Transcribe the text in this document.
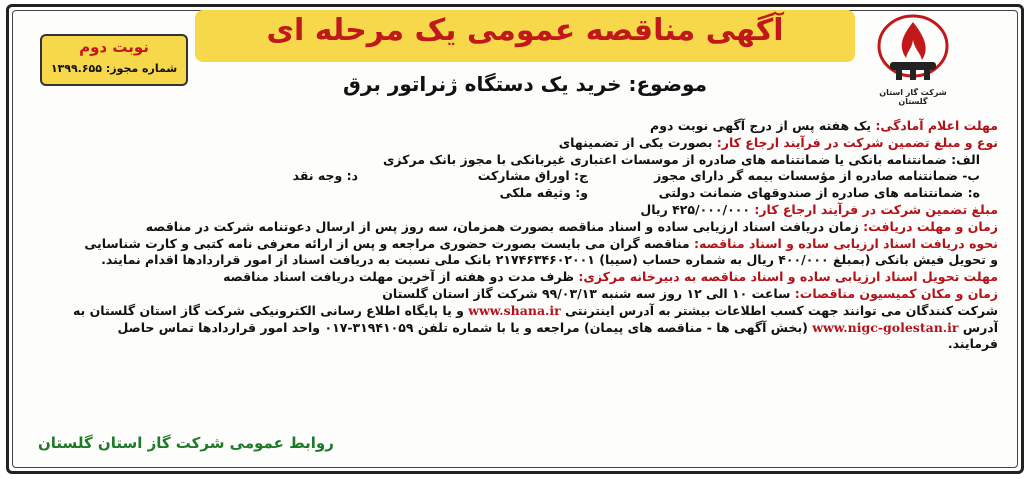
شرکت گاز استان گلستان
آگهی مناقصه عمومی یک مرحله ای
موضوع: خرید یک دستگاه ژنراتور برق
نوبت دوم
شماره مجوز: ۱۳۹۹.۶۵۵
مهلت اعلام آمادگی: یک هفته پس از درج آگهی نوبت دوم
نوع و مبلغ تضمین شرکت در فرآیند ارجاع کار: بصورت یکی از تضمینهای
الف: ضمانتنامه بانکی یا ضمانتنامه های صادره از موسسات اعتباری غیربانکی با مجوز بانک مرکزی
ب- ضمانتنامه صادره از مؤسسات بیمه گر دارای مجوز
ج: اوراق مشارکت
د: وجه نقد
ه: ضمانتنامه های صادره از صندوقهای ضمانت دولتی
و: وثیقه ملکی
مبلغ تضمین شرکت در فرآیند ارجاع کار: ۴۲۵/۰۰۰/۰۰۰ ریال
زمان و مهلت دریافت: زمان دریافت اسناد ارزیابی ساده و اسناد مناقصه بصورت همزمان، سه روز پس از ارسال دعوتنامه شرکت در مناقصه
نحوه دریافت اسناد ارزیابی ساده و اسناد مناقصه: مناقصه گران می بایست بصورت حضوری مراجعه و پس از ارائه معرفی نامه کتبی و کارت شناسایی
و تحویل فیش بانکی (بمبلغ ۴۰۰/۰۰۰ ریال به شماره حساب (سیبا) ۲۱۷۴۶۳۴۶۰۲۰۰۱ بانک ملی نسبت به دریافت اسناد از امور قراردادها اقدام نمایند.
مهلت تحویل اسناد ارزیابی ساده و اسناد مناقصه به دبیرخانه مرکزی: ظرف مدت دو هفته از آخرین مهلت دریافت اسناد مناقصه
زمان و مکان کمیسیون مناقصات: ساعت ۱۰ الی ۱۲ روز سه شنبه ۹۹/۰۳/۱۳ شرکت گاز استان گلستان
شرکت کنندگان می توانند جهت کسب اطلاعات بیشتر به آدرس اینترنتی www.shana.ir و یا پایگاه اطلاع رسانی الکترونیکی شرکت گاز استان گلستان به
آدرس www.nigc-golestan.ir (بخش آگهی ها - مناقصه های پیمان) مراجعه و یا با شماره تلفن ۳۱۹۴۱۰۵۹-۰۱۷ واحد امور قراردادها تماس حاصل
فرمایند.
روابط عمومی شرکت گاز استان گلستان
